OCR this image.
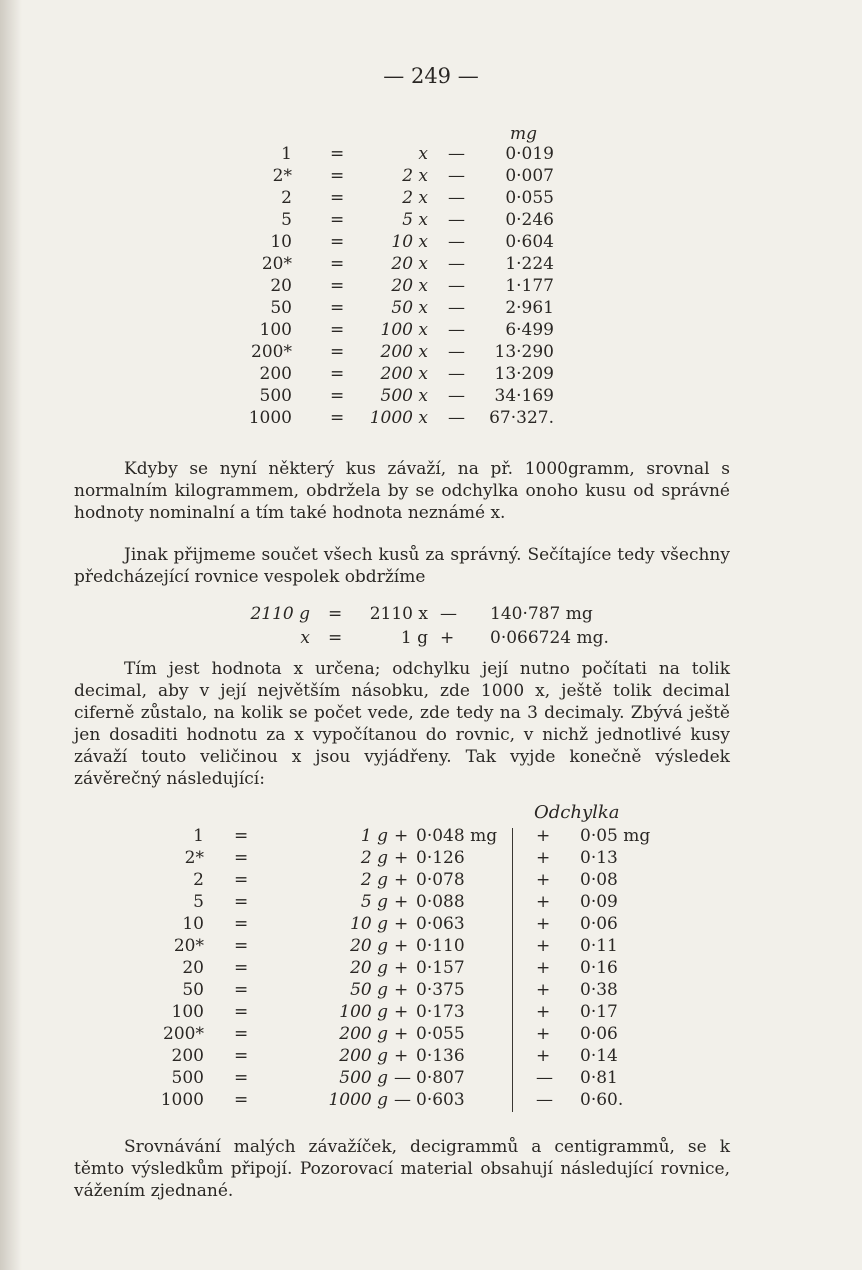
— 249 —
mg
1 =	x — 0·019
2* =	2 x — 0·007
2 =	2 x — 0·055
5 =	5 x — 0·246
10 =	10 x — 0·604
20* =	20 x — 1·224
20 =	20 x — 1·177
50 =	50 x — 2·961
100 = 100 x — 6·499
200* = 200 x — 13·290
200 = 200 x — 13·209
500 = 500 x — 34·169
1000 = 1000 x — 67·327.

Kdyby se nyní některý kus závaží, na př. 1000gramm, srovnal s normalním kilogrammem, obdržela by se odchylka onoho kusu od správné hodnoty nominalní a tím také hodnota neznámé x.

Jinak přijmeme součet všech kusů za správný. Sečítajíce tedy všechny předcházející rovnice vespolek obdržíme

2110 g = 2110 x — 140·787 mg
x =	1 g + 0·066724 mg.

Tím jest hodnota x určena; odchylku její nutno počítati na tolik decimal, aby v její největším násobku, zde 1000 x, ještě tolik decimal ciferně zůstalo, na kolik se počet vede, zde tedy na 3 decimaly. Zbývá ještě jen dosaditi hodnotu za x vypočítanou do rovnic, v nichž jednotlivé kusy závaží touto veličinou x jsou vyjádřeny. Tak vyjde konečně výsledek závěrečný následující:

Odchylka
1 =	1 g + 0·048 mg + 0·05 mg
2* =	2 g + 0·126	+ 0·13
2 =	2 g + 0·078	+ 0·08
5 =	5 g + 0·088	+ 0·09
10 =	10 g + 0·063	+ 0·06
20* =	20 g + 0·110	+ 0·11
20 =	20 g + 0·157	+ 0·16
50 =	50 g + 0·375	+ 0·38
100 =	100 g + 0·173	+ 0·17
200* =	200 g + 0·055	+ 0·06
200 =	200 g + 0·136	+ 0·14
500 =	500 g — 0·807	— 0·81
1000 =	1000 g — 0·603	— 0·60.

Srovnávání malých závažíček, decigrammů a centigrammů, se k těmto výsledkům připojí. Pozorovací material obsahují následující rovnice, vážením zjednané.
